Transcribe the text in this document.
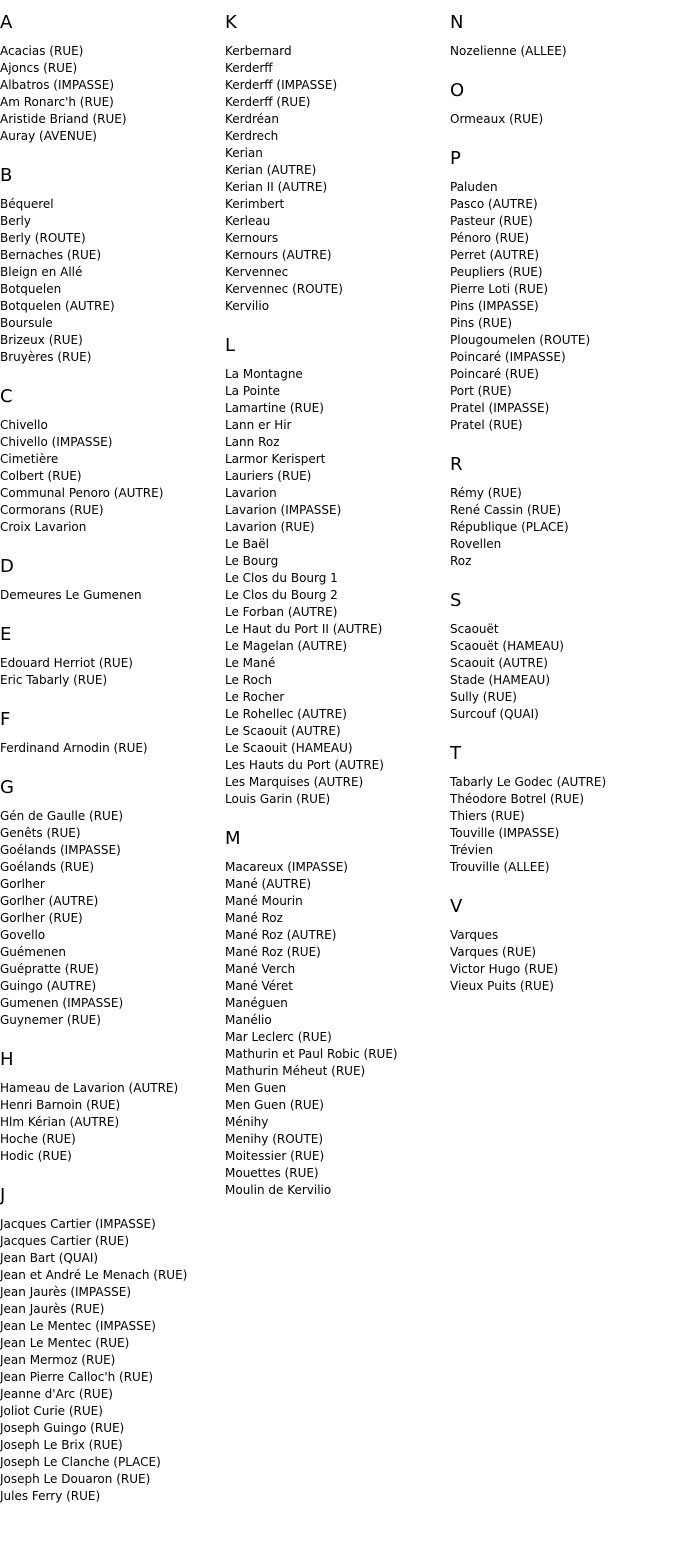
A
Acacias (RUE)
Ajoncs (RUE)
Albatros (IMPASSE)
Am Ronarc'h (RUE)
Aristide Briand (RUE)
Auray (AVENUE)
B
Béquerel
Berly
Berly (ROUTE)
Bernaches (RUE)
Bleign en Allé
Botquelen
Botquelen (AUTRE)
Boursule
Brizeux (RUE)
Bruyères (RUE)
C
Chivello
Chivello (IMPASSE)
Cimetière
Colbert (RUE)
Communal Penoro (AUTRE)
Cormorans (RUE)
Croix Lavarion
D
Demeures Le Gumenen
E
Edouard Herriot (RUE)
Eric Tabarly (RUE)
F
Ferdinand Arnodin (RUE)
G
Gén de Gaulle (RUE)
Genêts (RUE)
Goélands (IMPASSE)
Goélands (RUE)
Gorlher
Gorlher (AUTRE)
Gorlher (RUE)
Govello
Guémenen
Guépratte (RUE)
Guingo (AUTRE)
Gumenen (IMPASSE)
Guynemer (RUE)
H
Hameau de Lavarion (AUTRE)
Henri Barnoin (RUE)
Hlm Kérian (AUTRE)
Hoche (RUE)
Hodic (RUE)
J
Jacques Cartier (IMPASSE)
Jacques Cartier (RUE)
Jean Bart (QUAI)
Jean et André Le Menach (RUE)
Jean Jaurès (IMPASSE)
Jean Jaurès (RUE)
Jean Le Mentec (IMPASSE)
Jean Le Mentec (RUE)
Jean Mermoz (RUE)
Jean Pierre Calloc'h (RUE)
Jeanne d'Arc (RUE)
Joliot Curie (RUE)
Joseph Guingo (RUE)
Joseph Le Brix (RUE)
Joseph Le Clanche (PLACE)
Joseph Le Douaron (RUE)
Jules Ferry (RUE)
K
Kerbernard
Kerderff
Kerderff (IMPASSE)
Kerderff (RUE)
Kerdréan
Kerdrech
Kerian
Kerian (AUTRE)
Kerian II (AUTRE)
Kerimbert
Kerleau
Kernours
Kernours (AUTRE)
Kervennec
Kervennec (ROUTE)
Kervilio
L
La Montagne
La Pointe
Lamartine (RUE)
Lann er Hir
Lann Roz
Larmor Kerispert
Lauriers (RUE)
Lavarion
Lavarion (IMPASSE)
Lavarion (RUE)
Le Baël
Le Bourg
Le Clos du Bourg 1
Le Clos du Bourg 2
Le Forban (AUTRE)
Le Haut du Port II (AUTRE)
Le Magelan (AUTRE)
Le Mané
Le Roch
Le Rocher
Le Rohellec (AUTRE)
Le Scaouit (AUTRE)
Le Scaouit (HAMEAU)
Les Hauts du Port (AUTRE)
Les Marquises (AUTRE)
Louis Garin (RUE)
M
Macareux (IMPASSE)
Mané (AUTRE)
Mané Mourin
Mané Roz
Mané Roz (AUTRE)
Mané Roz (RUE)
Mané Verch
Mané Véret
Manéguen
Manélio
Mar Leclerc (RUE)
Mathurin et Paul Robic (RUE)
Mathurin Méheut (RUE)
Men Guen
Men Guen (RUE)
Ménihy
Menihy (ROUTE)
Moitessier (RUE)
Mouettes (RUE)
Moulin de Kervilio
N
Nozelienne (ALLEE)
O
Ormeaux (RUE)
P
Paluden
Pasco (AUTRE)
Pasteur (RUE)
Pénoro (RUE)
Perret (AUTRE)
Peupliers (RUE)
Pierre Loti (RUE)
Pins (IMPASSE)
Pins (RUE)
Plougoumelen (ROUTE)
Poincaré (IMPASSE)
Poincaré (RUE)
Port (RUE)
Pratel (IMPASSE)
Pratel (RUE)
R
Rémy (RUE)
René Cassin (RUE)
République (PLACE)
Rovellen
Roz
S
Scaouët
Scaouët (HAMEAU)
Scaouit (AUTRE)
Stade (HAMEAU)
Sully (RUE)
Surcouf (QUAI)
T
Tabarly Le Godec (AUTRE)
Théodore Botrel (RUE)
Thiers (RUE)
Touville (IMPASSE)
Trévien
Trouville (ALLEE)
V
Varques
Varques (RUE)
Victor Hugo (RUE)
Vieux Puits (RUE)
